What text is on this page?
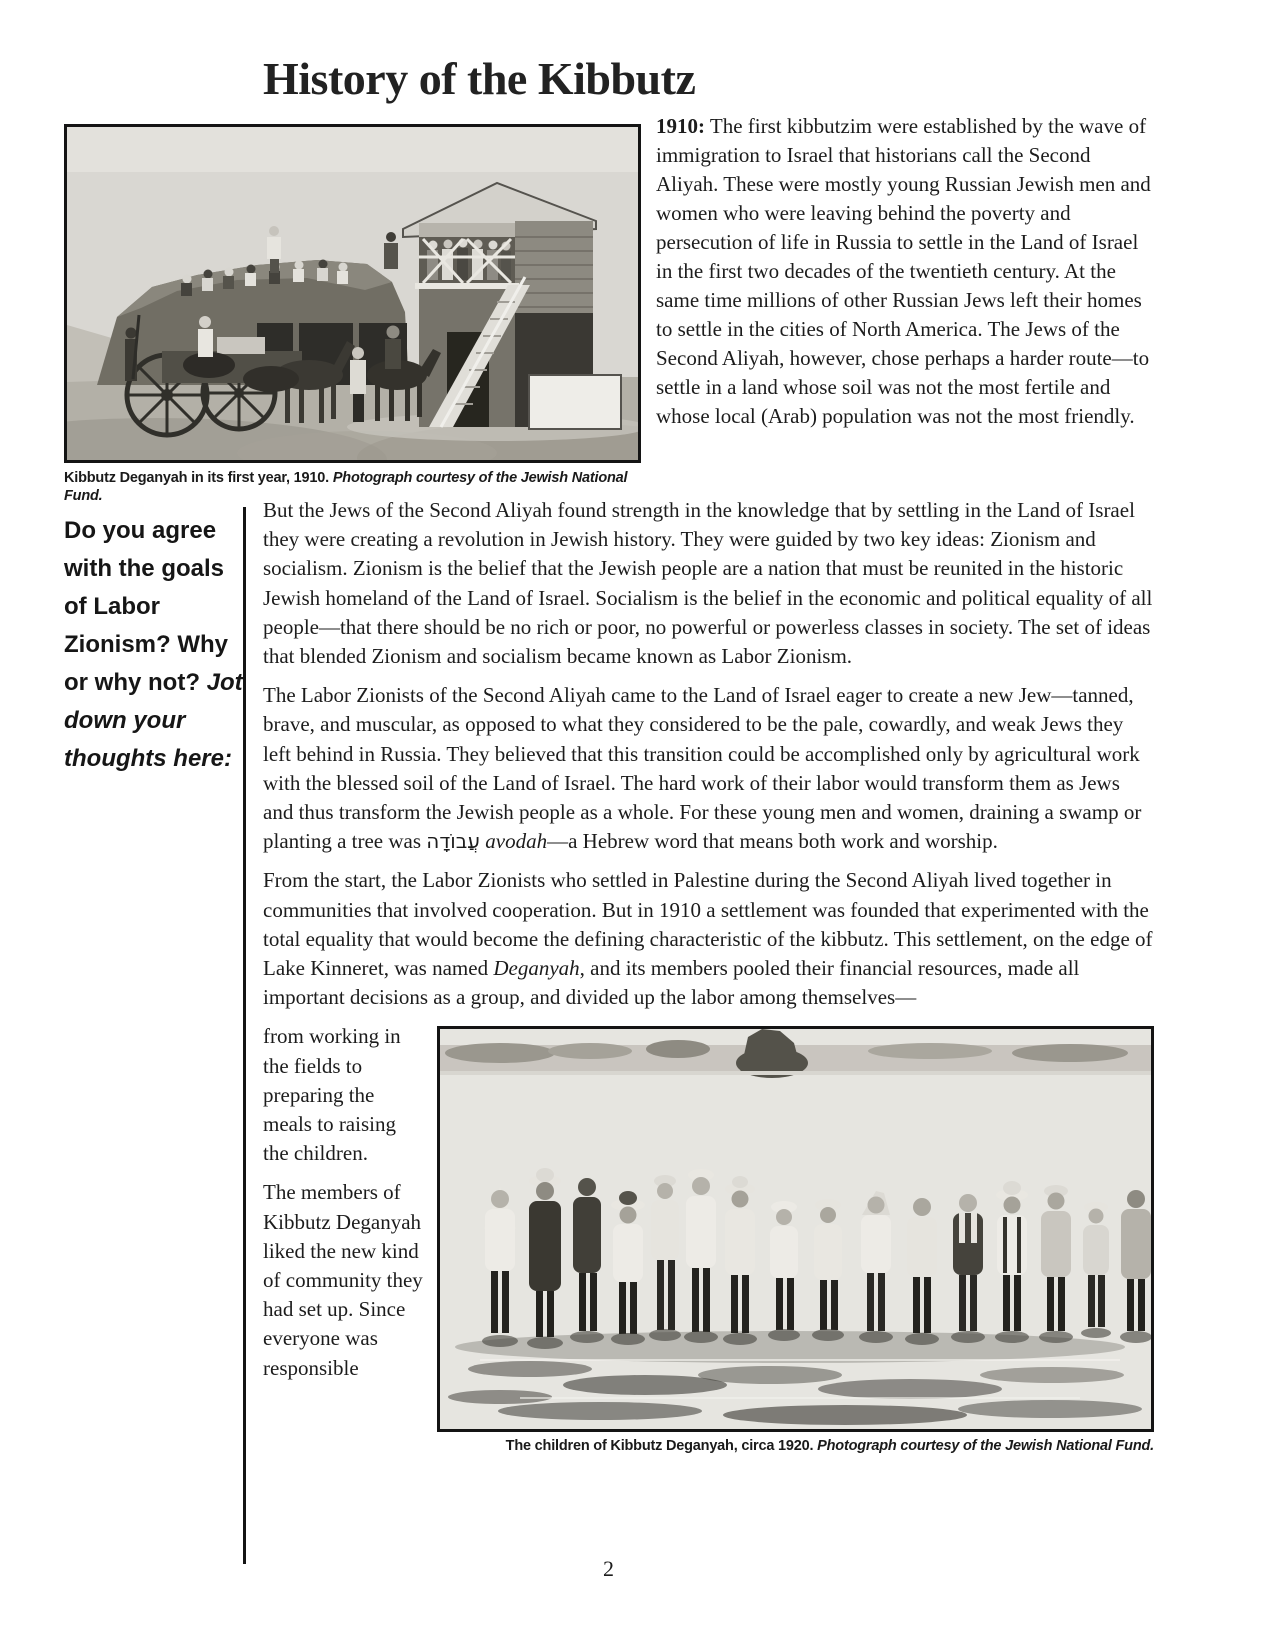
History of the Kibbutz
Kibbutz Deganyah in its first year, 1910. Photograph courtesy of the Jewish National Fund.
1910: The first kibbutzim were established by the wave of immigration to Israel that historians call the Second Aliyah. These were mostly young Russian Jewish men and women who were leaving behind the poverty and persecution of life in Russia to settle in the Land of Israel in the first two decades of the twentieth century. At the same time millions of other Russian Jews left their homes to settle in the cities of North America. The Jews of the Second Aliyah, however, chose perhaps a harder route—to settle in a land whose soil was not the most fertile and whose local (Arab) population was not the most friendly.
Do you agree with the goals of Labor Zionism? Why or why not? Jot down your thoughts here:

But the Jews of the Second Aliyah found strength in the knowledge that by settling in the Land of Israel they were creating a revolution in Jewish history. They were guided by two key ideas: Zionism and socialism. Zionism is the belief that the Jewish people are a nation that must be reunited in the historic Jewish homeland of the Land of Israel. Socialism is the belief in the economic and political equality of all people—that there should be no rich or poor, no powerful or powerless classes in society. The set of ideas that blended Zionism and socialism became known as Labor Zionism.

The Labor Zionists of the Second Aliyah came to the Land of Israel eager to create a new Jew—tanned, brave, and muscular, as opposed to what they considered to be the pale, cowardly, and weak Jews they left behind in Russia. They believed that this transition could be accomplished only by agricultural work with the blessed soil of the Land of Israel. The hard work of their labor would transform them as Jews and thus transform the Jewish people as a whole. For these young men and women, draining a swamp or planting a tree was עֲבוֹדָה avodah—a Hebrew word that means both work and worship.

From the start, the Labor Zionists who settled in Palestine during the Second Aliyah lived together in communities that involved cooperation. But in 1910 a settlement was founded that experimented with the total equality that would become the defining characteristic of the kibbutz. This settlement, on the edge of Lake Kinneret, was named Deganyah, and its members pooled their financial resources, made all important decisions as a group, and divided up the labor among themselves—

The children of Kibbutz Deganyah, circa 1920. Photograph courtesy of the Jewish National Fund.

from working in the fields to preparing the meals to raising the children.

The members of Kibbutz Deganyah liked the new kind of community they had set up. Since everyone was responsible

2
